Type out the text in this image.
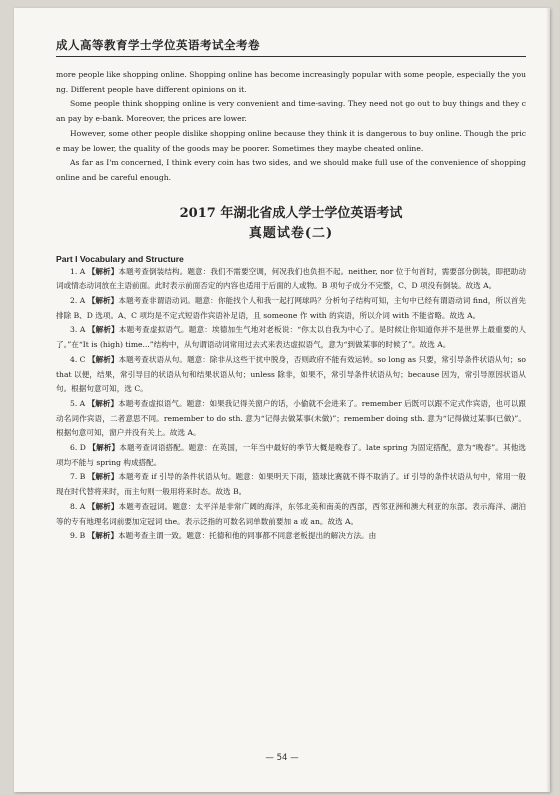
成人高等教育学士学位英语考试全考卷

more people like shopping online. Shopping online has become increasingly popular with some people, especially the young. Different people have different opinions on it.

Some people think shopping online is very convenient and time-saving. They need not go out to buy things and they can pay by e-bank. Moreover, the prices are lower.

However, some other people dislike shopping online because they think it is dangerous to buy online. Though the price may be lower, the quality of the goods may be poorer. Sometimes they maybe cheated online.

As far as I'm concerned, I think every coin has two sides, and we should make full use of the convenience of shopping online and be careful enough.

2017 年湖北省成人学士学位英语考试
真题试卷(二)
Part I Vocabulary and Structure

1. A 【解析】本题考查倒装结构。题意：我们不需要空调，何况我们也负担不起。neither, nor 位于句首时，需要部分倒装，即把助动词或情态动词放在主语前面。此时表示前面否定的内容也适用于后面的人或物。B 项句子成分不完整，C、D 项没有倒装。故选 A。

2. A 【解析】本题考查非谓语动词。题意：你能找个人和我一起打网球吗？分析句子结构可知，主句中已经有谓语动词 find，所以首先排除 B、D 选项。A、C 项均是不定式短语作宾语补足语，且 someone 作 with 的宾语，所以介词 with 不能省略。故选 A。

3. A 【解析】本题考查虚拟语气。题意：埃德加生气地对老板说：“你太以自我为中心了。是时候让你知道你并不是世界上最重要的人了。”在“It is (high) time...”结构中，从句谓语动词常用过去式来表达虚拟语气，意为“到做某事的时候了”。故选 A。

4. C 【解析】本题考查状语从句。题意：除非从这些干扰中脱身，否则政府不能有效运转。so long as 只要，常引导条件状语从句；so that 以便，结果，常引导目的状语从句和结果状语从句；unless 除非，如果不，常引导条件状语从句；because 因为，常引导原因状语从句。根据句意可知，选 C。

5. A 【解析】本题考查虚拟语气。题意：如果我记得关窗户的话，小偷就不会进来了。remember 后既可以跟不定式作宾语，也可以跟动名词作宾语，二者意思不同。remember to do sth. 意为“记得去做某事(未做)”；remember doing sth. 意为“记得做过某事(已做)”。根据句意可知，窗户并没有关上。故选 A。

6. D 【解析】本题考查词语搭配。题意：在英国，一年当中最好的季节大概是晚春了。late spring 为固定搭配，意为“晚春”。其他选项均不能与 spring 构成搭配。

7. B 【解析】本题考查 if 引导的条件状语从句。题意：如果明天下雨，篮球比赛就不得不取消了。if 引导的条件状语从句中，常用一般现在时代替将来时，而主句则一般用将来时态。故选 B。

8. A 【解析】本题考查冠词。题意：太平洋是非常广阔的海洋，东邻北美和南美的西部，西邻亚洲和澳大利亚的东部。表示海洋、湖泊等的专有地理名词前要加定冠词 the。表示泛指的可数名词单数前要加 a 或 an。故选 A。

9. B 【解析】本题考查主谓一致。题意：托德和他的同事都不同意老板提出的解决方法。由

— 54 —
